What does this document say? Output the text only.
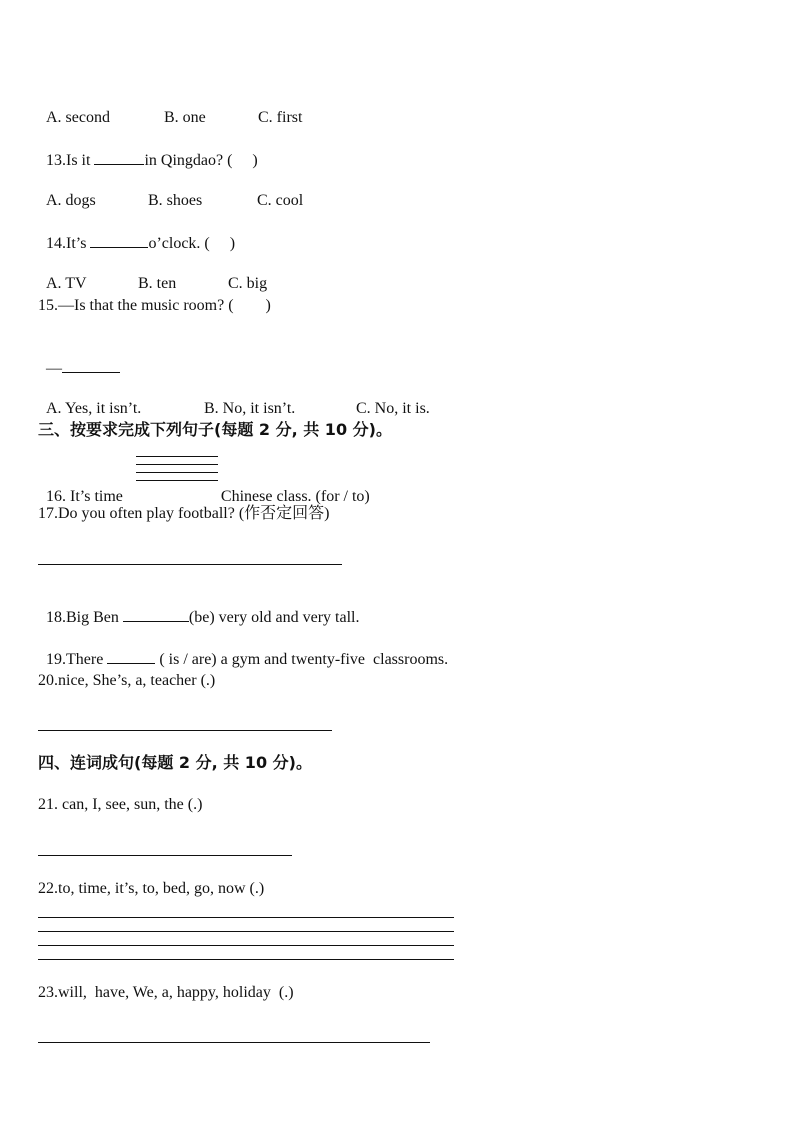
A. second	B. one	C. first

13.Is it	in Qingdao? (     )

A. dogs	B. shoes	C. cool

14.It’s	o’clock. (     )

A. TV	B. ten	C. big

15.—Is that the music room? (        )

—

A. Yes, it isn’t.	B. No, it isn’t.	C. No, it is.

三、按要求完成下列句子(每题 2 分, 共 10 分)。

16. It’s time	Chinese class. (for / to)

17.Do you often play football? (作否定回答)

18.Big Ben	(be) very old and very tall.

19.There	( is / are) a gym and twenty-five  classrooms.

20.nice, She’s, a, teacher (.)
四、连词成句(每题 2 分, 共 10 分)。
21. can, I, see, sun, the (.)
22.to, time, it’s, to, bed, go, now (.)
23.will,  have, We, a, happy, holiday  (.)
